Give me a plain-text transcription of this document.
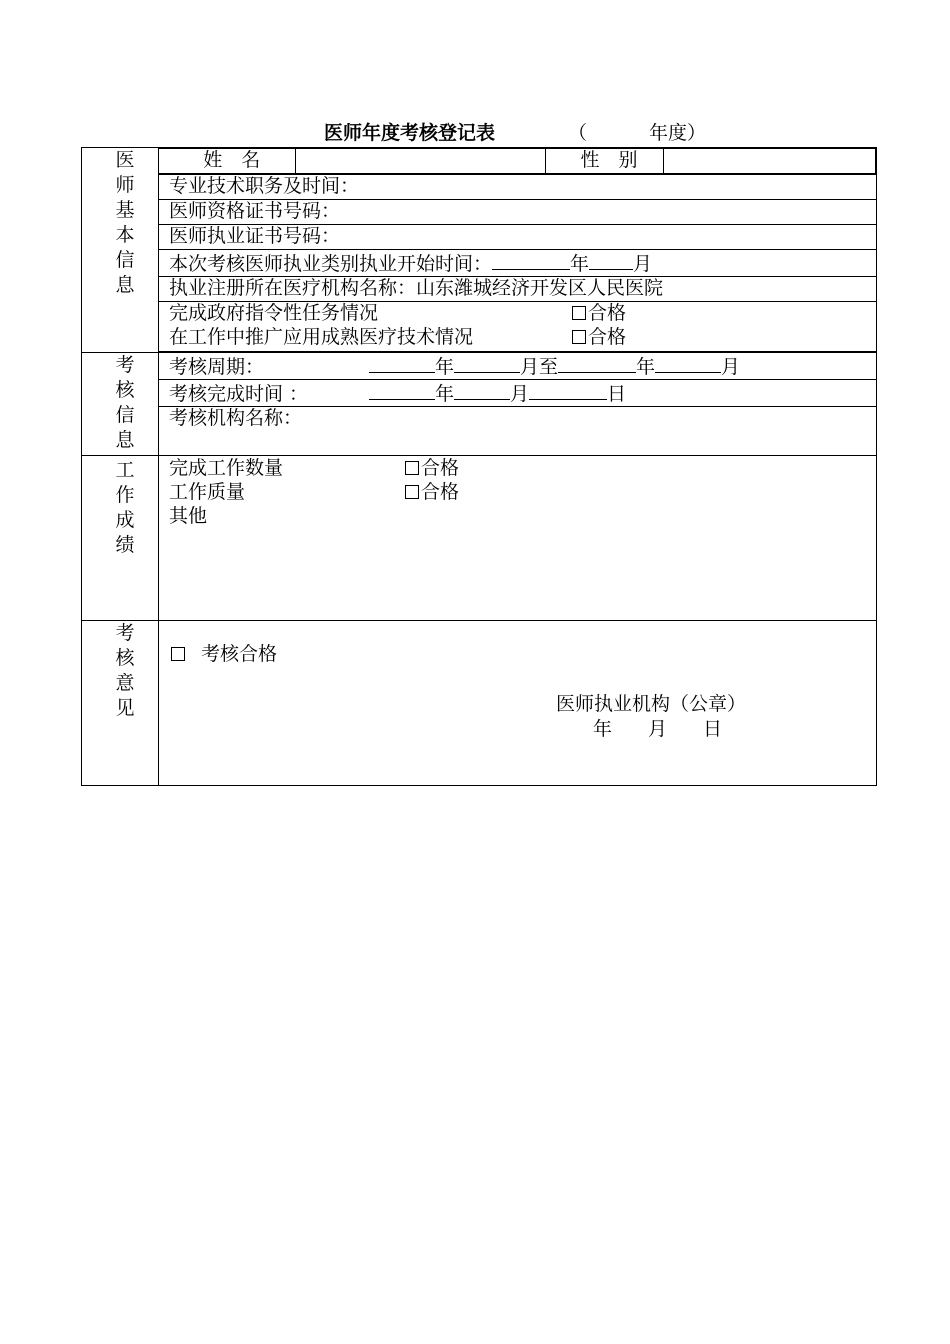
医师年度考核登记表	（	年度）
医
师
基
本
信
息

姓　名		性　别	

专业技术职务及时间：
医师资格证书号码：
医师执业证书号码：
本次考核医师执业类别执业开始时间：	年 月
执业注册所在医疗机构名称：山东潍城经济开发区人民医院

完成政府指令性任务情况	合格
在工作中推广应用成熟医疗技术情况	合格

考
核
信
息
	考核周期：	年	月至	年	月
考核完成时间 ：	年	月	日
考核机构名称：

工
作
成
绩

完成工作数量	合格
工作质量	合格
其他

考
核
意
见

考核合格
医师执业机构（公章）
年 月 日
